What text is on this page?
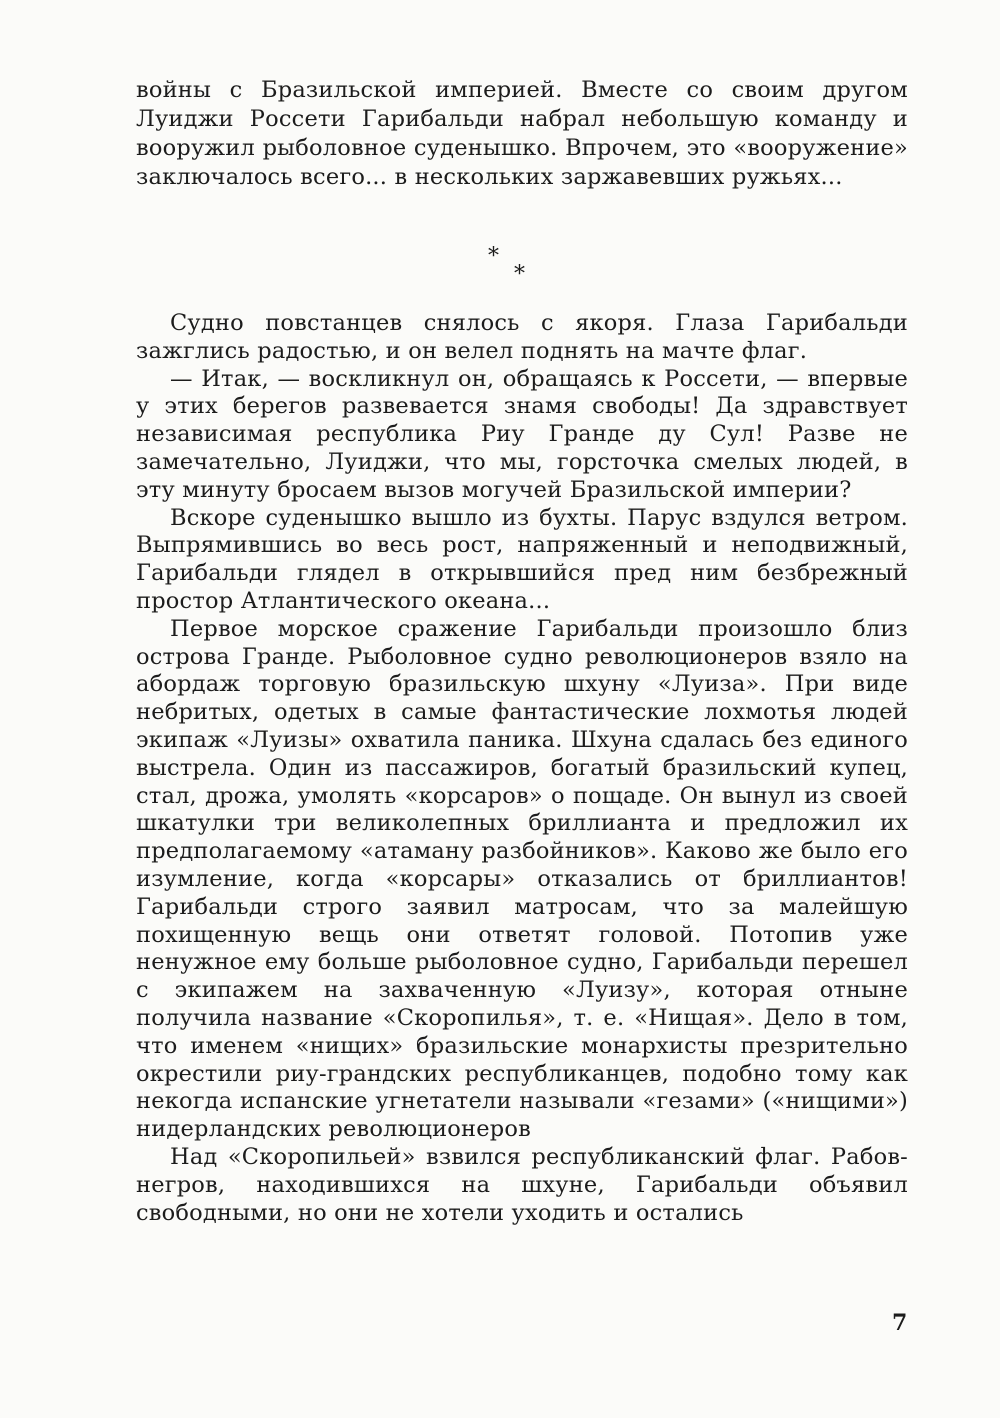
войны с Бразильской империей. Вместе со своим другом Луиджи Россети Гарибальди набрал небольшую команду и вооружил рыболовное суденышко. Впрочем, это «вооружение» заключалось всего... в нескольких заржавевших ружьях...

*
*

Судно повстанцев снялось с якоря. Глаза Гарибальди зажглись радостью, и он велел поднять на мачте флаг.

— Итак, — воскликнул он, обращаясь к Россети, — впервые у этих берегов развевается знамя свободы! Да здравствует независимая республика Риу Гранде ду Сул! Разве не замечательно, Луиджи, что мы, горсточка смелых людей, в эту минуту бросаем вызов могучей Бразильской империи?

Вскоре суденышко вышло из бухты. Парус вздулся ветром. Выпрямившись во весь рост, напряженный и неподвижный, Гарибальди глядел в открывшийся пред ним безбрежный простор Атлантического океана...

Первое морское сражение Гарибальди произошло близ острова Гранде. Рыболовное судно революционеров взяло на абордаж торговую бразильскую шхуну «Луиза». При виде небритых, одетых в самые фантастические лохмотья людей экипаж «Луизы» охватила паника. Шхуна сдалась без единого выстрела. Один из пассажиров, богатый бразильский купец, стал, дрожа, умолять «корсаров» о пощаде. Он вынул из своей шкатулки три великолепных бриллианта и предложил их предполагаемому «атаману разбойников». Каково же было его изумление, когда «корсары» отказались от бриллиантов! Гарибальди строго заявил матросам, что за малейшую похищенную вещь они ответят головой. Потопив уже ненужное ему больше рыболовное судно, Гарибальди перешел с экипажем на захваченную «Луизу», которая отныне получила название «Скоропилья», т. е. «Нищая». Дело в том, что именем «нищих» бразильские монархисты презрительно окрестили риу-грандских республиканцев, подобно тому как некогда испанские угнетатели называли «гезами» («нищими») нидерландских революционеров

Над «Скоропильей» взвился республиканский флаг. Рабов-негров, находившихся на шхуне, Гарибальди объявил свободными, но они не хотели уходить и остались

7
